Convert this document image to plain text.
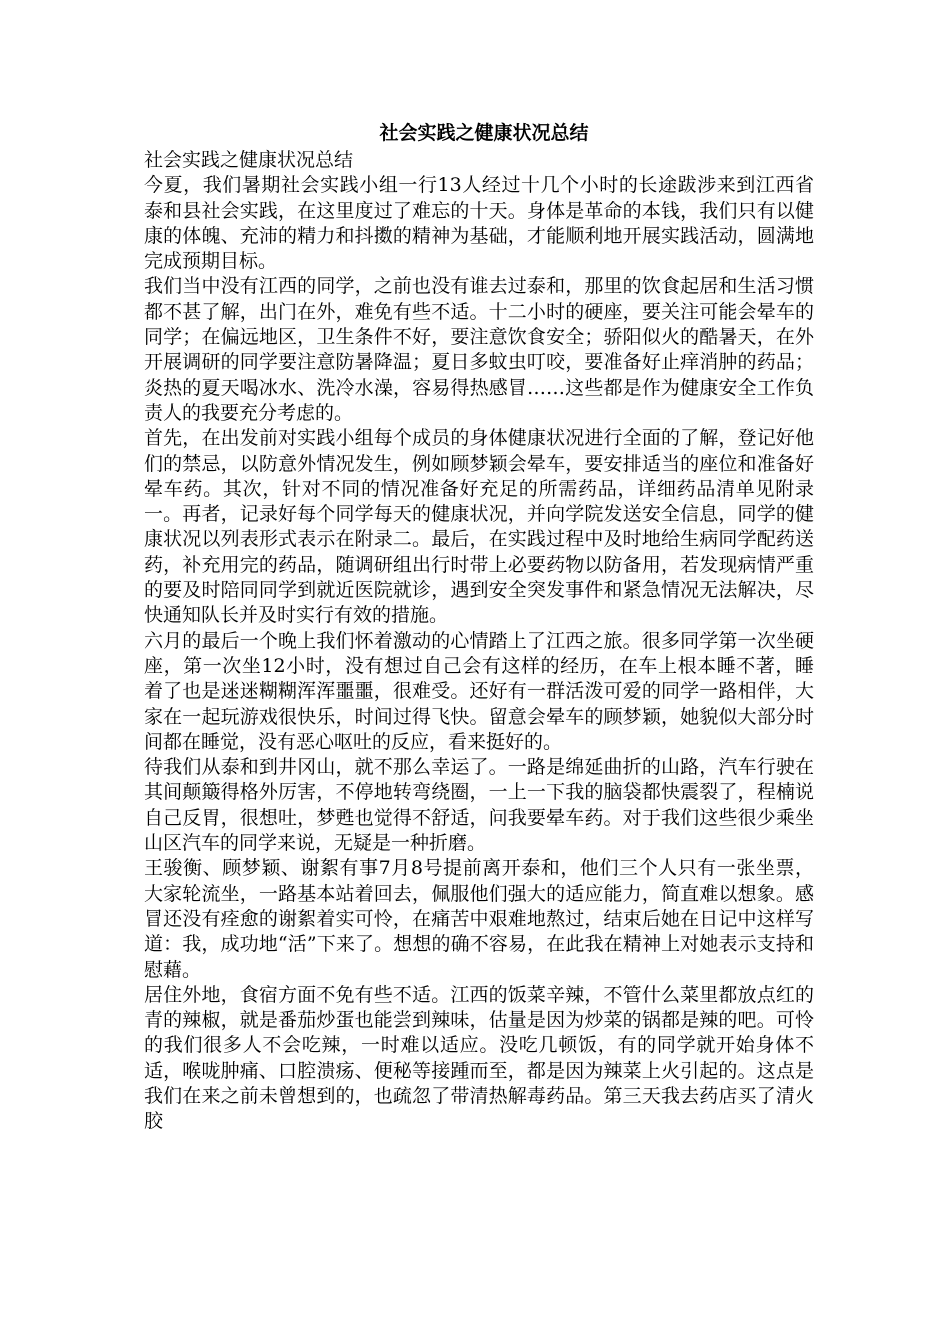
社会实践之健康状况总结

社会实践之健康状况总结

今夏，我们暑期社会实践小组一行13人经过十几个小时的长途跋涉来到江西省泰和县社会实践，在这里度过了难忘的十天。身体是革命的本钱，我们只有以健康的体魄、充沛的精力和抖擞的精神为基础，才能顺利地开展实践活动，圆满地完成预期目标。

我们当中没有江西的同学，之前也没有谁去过泰和，那里的饮食起居和生活习惯都不甚了解，出门在外，难免有些不适。十二小时的硬座，要关注可能会晕车的同学；在偏远地区，卫生条件不好，要注意饮食安全；骄阳似火的酷暑天，在外开展调研的同学要注意防暑降温；夏日多蚊虫叮咬，要准备好止痒消肿的药品；炎热的夏天喝冰水、洗冷水澡，容易得热感冒……这些都是作为健康安全工作负责人的我要充分考虑的。

首先，在出发前对实践小组每个成员的身体健康状况进行全面的了解，登记好他们的禁忌，以防意外情况发生，例如顾梦颖会晕车，要安排适当的座位和准备好晕车药。其次，针对不同的情况准备好充足的所需药品，详细药品清单见附录一。再者，记录好每个同学每天的健康状况，并向学院发送安全信息，同学的健康状况以列表形式表示在附录二。最后，在实践过程中及时地给生病同学配药送药，补充用完的药品，随调研组出行时带上必要药物以防备用，若发现病情严重的要及时陪同同学到就近医院就诊，遇到安全突发事件和紧急情况无法解决，尽快通知队长并及时实行有效的措施。

六月的最后一个晚上我们怀着激动的心情踏上了江西之旅。很多同学第一次坐硬座，第一次坐12小时，没有想过自己会有这样的经历，在车上根本睡不著，睡着了也是迷迷糊糊浑浑噩噩，很难受。还好有一群活泼可爱的同学一路相伴，大家在一起玩游戏很快乐，时间过得飞快。留意会晕车的顾梦颖，她貌似大部分时间都在睡觉，没有恶心呕吐的反应，看来挺好的。

待我们从泰和到井冈山，就不那么幸运了。一路是绵延曲折的山路，汽车行驶在其间颠簸得格外厉害，不停地转弯绕圈，一上一下我的脑袋都快震裂了，程楠说自己反胃，很想吐，梦甦也觉得不舒适，问我要晕车药。对于我们这些很少乘坐山区汽车的同学来说，无疑是一种折磨。

王骏衡、顾梦颖、谢絮有事7月8号提前离开泰和，他们三个人只有一张坐票，大家轮流坐，一路基本站着回去，佩服他们强大的适应能力，简直难以想象。感冒还没有痊愈的谢絮着实可怜，在痛苦中艰难地熬过，结束后她在日记中这样写道：我，成功地“活”下来了。想想的确不容易，在此我在精神上对她表示支持和慰藉。

居住外地，食宿方面不免有些不适。江西的饭菜辛辣，不管什么菜里都放点红的青的辣椒，就是番茄炒蛋也能尝到辣味，估量是因为炒菜的锅都是辣的吧。可怜的我们很多人不会吃辣，一时难以适应。没吃几顿饭，有的同学就开始身体不适，喉咙肿痛、口腔溃疡、便秘等接踵而至，都是因为辣菜上火引起的。这点是我们在来之前未曾想到的，也疏忽了带清热解毒药品。第三天我去药店买了清火胶
